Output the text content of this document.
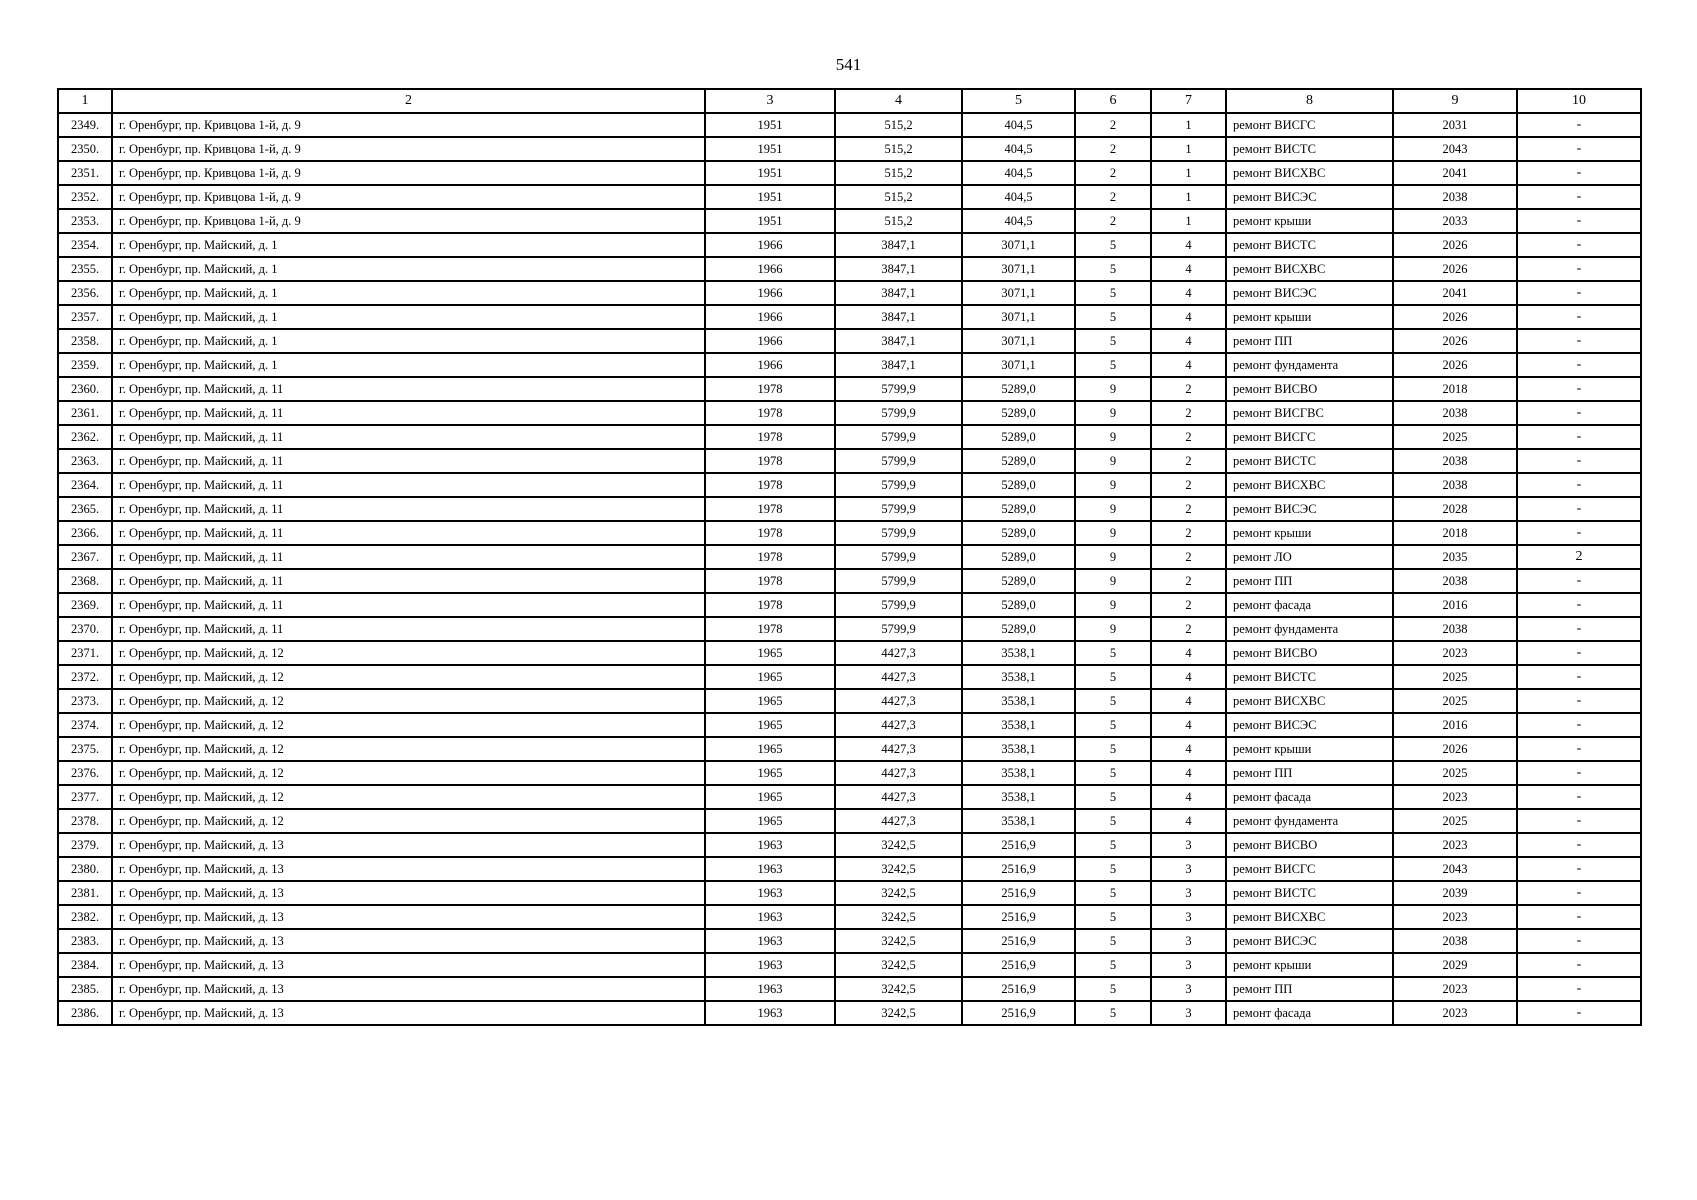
541
1	2	3	4	5	6	7	8	9	10
2349.	г. Оренбург, пр. Кривцова 1-й, д. 9	1951	515,2	404,5	2	1	ремонт ВИСГС	2031	-
2350.	г. Оренбург, пр. Кривцова 1-й, д. 9	1951	515,2	404,5	2	1	ремонт ВИСТС	2043	-
2351.	г. Оренбург, пр. Кривцова 1-й, д. 9	1951	515,2	404,5	2	1	ремонт ВИСХВС	2041	-
2352.	г. Оренбург, пр. Кривцова 1-й, д. 9	1951	515,2	404,5	2	1	ремонт ВИСЭС	2038	-
2353.	г. Оренбург, пр. Кривцова 1-й, д. 9	1951	515,2	404,5	2	1	ремонт крыши	2033	-
2354.	г. Оренбург, пр. Майский, д. 1	1966	3847,1	3071,1	5	4	ремонт ВИСТС	2026	-
2355.	г. Оренбург, пр. Майский, д. 1	1966	3847,1	3071,1	5	4	ремонт ВИСХВС	2026	-
2356.	г. Оренбург, пр. Майский, д. 1	1966	3847,1	3071,1	5	4	ремонт ВИСЭС	2041	-
2357.	г. Оренбург, пр. Майский, д. 1	1966	3847,1	3071,1	5	4	ремонт крыши	2026	-
2358.	г. Оренбург, пр. Майский, д. 1	1966	3847,1	3071,1	5	4	ремонт ПП	2026	-
2359.	г. Оренбург, пр. Майский, д. 1	1966	3847,1	3071,1	5	4	ремонт фундамента	2026	-
2360.	г. Оренбург, пр. Майский, д. 11	1978	5799,9	5289,0	9	2	ремонт ВИСВО	2018	-
2361.	г. Оренбург, пр. Майский, д. 11	1978	5799,9	5289,0	9	2	ремонт ВИСГВС	2038	-
2362.	г. Оренбург, пр. Майский, д. 11	1978	5799,9	5289,0	9	2	ремонт ВИСГС	2025	-
2363.	г. Оренбург, пр. Майский, д. 11	1978	5799,9	5289,0	9	2	ремонт ВИСТС	2038	-
2364.	г. Оренбург, пр. Майский, д. 11	1978	5799,9	5289,0	9	2	ремонт ВИСХВС	2038	-
2365.	г. Оренбург, пр. Майский, д. 11	1978	5799,9	5289,0	9	2	ремонт ВИСЭС	2028	-
2366.	г. Оренбург, пр. Майский, д. 11	1978	5799,9	5289,0	9	2	ремонт крыши	2018	-
2367.	г. Оренбург, пр. Майский, д. 11	1978	5799,9	5289,0	9	2	ремонт ЛО	2035	2
2368.	г. Оренбург, пр. Майский, д. 11	1978	5799,9	5289,0	9	2	ремонт ПП	2038	-
2369.	г. Оренбург, пр. Майский, д. 11	1978	5799,9	5289,0	9	2	ремонт фасада	2016	-
2370.	г. Оренбург, пр. Майский, д. 11	1978	5799,9	5289,0	9	2	ремонт фундамента	2038	-
2371.	г. Оренбург, пр. Майский, д. 12	1965	4427,3	3538,1	5	4	ремонт ВИСВО	2023	-
2372.	г. Оренбург, пр. Майский, д. 12	1965	4427,3	3538,1	5	4	ремонт ВИСТС	2025	-
2373.	г. Оренбург, пр. Майский, д. 12	1965	4427,3	3538,1	5	4	ремонт ВИСХВС	2025	-
2374.	г. Оренбург, пр. Майский, д. 12	1965	4427,3	3538,1	5	4	ремонт ВИСЭС	2016	-
2375.	г. Оренбург, пр. Майский, д. 12	1965	4427,3	3538,1	5	4	ремонт крыши	2026	-
2376.	г. Оренбург, пр. Майский, д. 12	1965	4427,3	3538,1	5	4	ремонт ПП	2025	-
2377.	г. Оренбург, пр. Майский, д. 12	1965	4427,3	3538,1	5	4	ремонт фасада	2023	-
2378.	г. Оренбург, пр. Майский, д. 12	1965	4427,3	3538,1	5	4	ремонт фундамента	2025	-
2379.	г. Оренбург, пр. Майский, д. 13	1963	3242,5	2516,9	5	3	ремонт ВИСВО	2023	-
2380.	г. Оренбург, пр. Майский, д. 13	1963	3242,5	2516,9	5	3	ремонт ВИСГС	2043	-
2381.	г. Оренбург, пр. Майский, д. 13	1963	3242,5	2516,9	5	3	ремонт ВИСТС	2039	-
2382.	г. Оренбург, пр. Майский, д. 13	1963	3242,5	2516,9	5	3	ремонт ВИСХВС	2023	-
2383.	г. Оренбург, пр. Майский, д. 13	1963	3242,5	2516,9	5	3	ремонт ВИСЭС	2038	-
2384.	г. Оренбург, пр. Майский, д. 13	1963	3242,5	2516,9	5	3	ремонт крыши	2029	-
2385.	г. Оренбург, пр. Майский, д. 13	1963	3242,5	2516,9	5	3	ремонт ПП	2023	-
2386.	г. Оренбург, пр. Майский, д. 13	1963	3242,5	2516,9	5	3	ремонт фасада	2023	-
